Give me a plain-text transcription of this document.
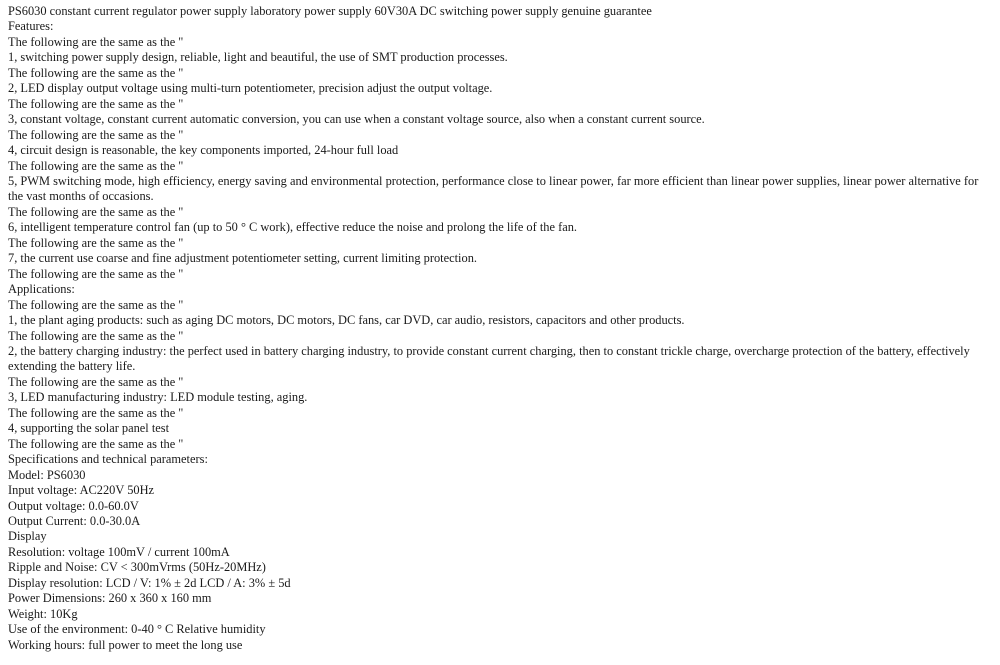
PS6030 constant current regulator power supply laboratory power supply 60V30A DC switching power supply genuine guarantee
Features:
The following are the same as the "
1, switching power supply design, reliable, light and beautiful, the use of SMT production processes.
The following are the same as the "
2, LED display output voltage using multi-turn potentiometer, precision adjust the output voltage.
The following are the same as the "
3, constant voltage, constant current automatic conversion, you can use when a constant voltage source, also when a constant current source.
The following are the same as the "
4, circuit design is reasonable, the key components imported, 24-hour full load
The following are the same as the "
5, PWM switching mode, high efficiency, energy saving and environmental protection, performance close to linear power, far more efficient than linear power supplies, linear power alternative for the vast months of occasions.
The following are the same as the "
6, intelligent temperature control fan (up to 50 ° C work), effective reduce the noise and prolong the life of the fan.
The following are the same as the "
7, the current use coarse and fine adjustment potentiometer setting, current limiting protection.
The following are the same as the "
Applications:
The following are the same as the "
1, the plant aging products: such as aging DC motors, DC motors, DC fans, car DVD, car audio, resistors, capacitors and other products.
The following are the same as the "
2, the battery charging industry: the perfect used in battery charging industry, to provide constant current charging, then to constant trickle charge, overcharge protection of the battery, effectively extending the battery life.
The following are the same as the "
3, LED manufacturing industry: LED module testing, aging.
The following are the same as the "
4, supporting the solar panel test
The following are the same as the "
Specifications and technical parameters:
Model: PS6030
Input voltage: AC220V 50Hz
Output voltage: 0.0-60.0V
Output Current: 0.0-30.0A
Display
Resolution: voltage 100mV / current 100mA
Ripple and Noise: CV < 300mVrms (50Hz-20MHz)
Display resolution: LCD / V: 1% ± 2d LCD / A: 3% ± 5d
Power Dimensions: 260 x 360 x 160 mm
Weight: 10Kg
Use of the environment: 0-40 ° C Relative humidity
Working hours: full power to meet the long use
